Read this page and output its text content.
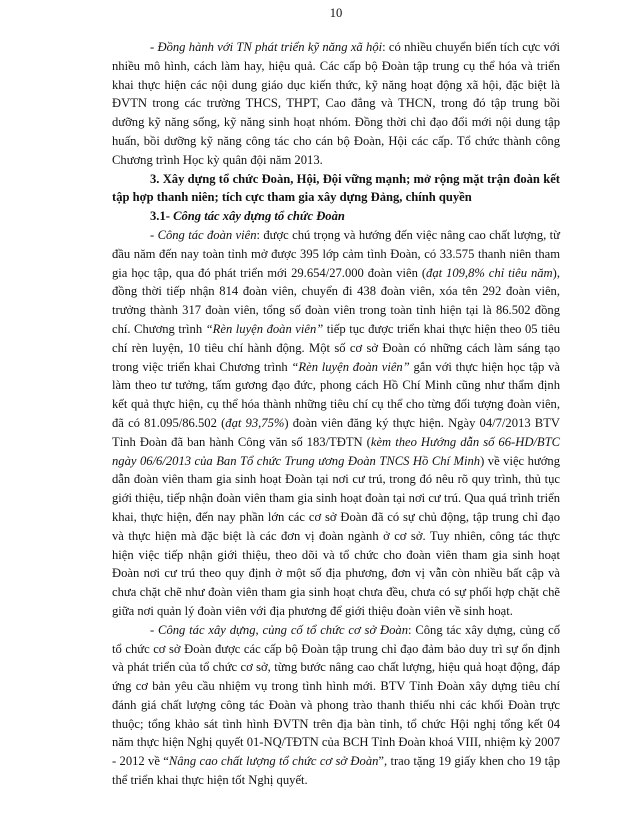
10

- Đồng hành với TN phát triển kỹ năng xã hội: có nhiều chuyển biến tích cực với nhiều mô hình, cách làm hay, hiệu quả. Các cấp bộ Đoàn tập trung cụ thể hóa và triển khai thực hiện các nội dung giáo dục kiến thức, kỹ năng hoạt động xã hội, đặc biệt là ĐVTN trong các trường THCS, THPT, Cao đẳng và THCN, trong đó tập trung bồi dưỡng kỹ năng sống, kỹ năng sinh hoạt nhóm. Đồng thời chỉ đạo đổi mới nội dung tập huấn, bồi dưỡng kỹ năng công tác cho cán bộ Đoàn, Hội các cấp. Tổ chức thành công Chương trình Học kỳ quân đội năm 2013.

3. Xây dựng tổ chức Đoàn, Hội, Đội vững mạnh; mở rộng mặt trận đoàn kết tập hợp thanh niên; tích cực tham gia xây dựng Đảng, chính quyền

3.1- Công tác xây dựng tổ chức Đoàn

- Công tác đoàn viên: được chú trọng và hướng đến việc nâng cao chất lượng, từ đầu năm đến nay toàn tỉnh mở được 395 lớp cảm tình Đoàn, có 33.575 thanh niên tham gia học tập, qua đó phát triển mới 29.654/27.000 đoàn viên (đạt 109,8% chỉ tiêu năm), đồng thời tiếp nhận 814 đoàn viên, chuyển đi 438 đoàn viên, xóa tên 292 đoàn viên, trưởng thành 317 đoàn viên, tổng số đoàn viên trong toàn tỉnh hiện tại là 86.502 đồng chí. Chương trình “Rèn luyện đoàn viên” tiếp tục được triển khai thực hiện theo 05 tiêu chí rèn luyện, 10 tiêu chí hành động. Một số cơ sở Đoàn có những cách làm sáng tạo trong việc triển khai Chương trình “Rèn luyện đoàn viên” gắn với thực hiện học tập và làm theo tư tưởng, tấm gương đạo đức, phong cách Hồ Chí Minh cũng như thẩm định kết quả thực hiện, cụ thể hóa thành những tiêu chí cụ thể cho từng đối tượng đoàn viên, đã có 81.095/86.502 (đạt 93,75%) đoàn viên đăng ký thực hiện. Ngày 04/7/2013 BTV Tỉnh Đoàn đã ban hành Công văn số 183/TĐTN (kèm theo Hướng dẫn số 66-HD/BTC ngày 06/6/2013 của Ban Tổ chức Trung ương Đoàn TNCS Hồ Chí Minh) về việc hướng dẫn đoàn viên tham gia sinh hoạt Đoàn tại nơi cư trú, trong đó nêu rõ quy trình, thủ tục giới thiệu, tiếp nhận đoàn viên tham gia sinh hoạt đoàn tại nơi cư trú. Qua quá trình triển khai, thực hiện, đến nay phần lớn các cơ sở Đoàn đã có sự chủ động, tập trung chỉ đạo và thực hiện mà đặc biệt là các đơn vị đoàn ngành ở cơ sở. Tuy nhiên, công tác thực hiện việc tiếp nhận giới thiệu, theo dõi và tổ chức cho đoàn viên tham gia sinh hoạt Đoàn nơi cư trú theo quy định ở một số địa phương, đơn vị vẫn còn nhiều bất cập và chưa chặt chẽ như đoàn viên tham gia sinh hoạt chưa đều, chưa có sự phối hợp chặt chẽ giữa nơi quản lý đoàn viên với địa phương để giới thiệu đoàn viên về sinh hoạt.

- Công tác xây dựng, củng cố tổ chức cơ sở Đoàn: Công tác xây dựng, củng cố tổ chức cơ sở Đoàn được các cấp bộ Đoàn tập trung chỉ đạo đảm bảo duy trì sự ổn định và phát triển của tổ chức cơ sở, từng bước nâng cao chất lượng, hiệu quả hoạt động, đáp ứng cơ bản yêu cầu nhiệm vụ trong tình hình mới. BTV Tỉnh Đoàn xây dựng tiêu chí đánh giá chất lượng công tác Đoàn và phong trào thanh thiếu nhi các khối Đoàn trực thuộc; tổng khảo sát tình hình ĐVTN trên địa bàn tỉnh, tổ chức Hội nghị tổng kết 04 năm thực hiện Nghị quyết 01-NQ/TĐTN của BCH Tỉnh Đoàn khoá VIII, nhiệm kỳ 2007 - 2012 về “Nâng cao chất lượng tổ chức cơ sở Đoàn”, trao tặng 19 giấy khen cho 19 tập thể triển khai thực hiện tốt Nghị quyết.
